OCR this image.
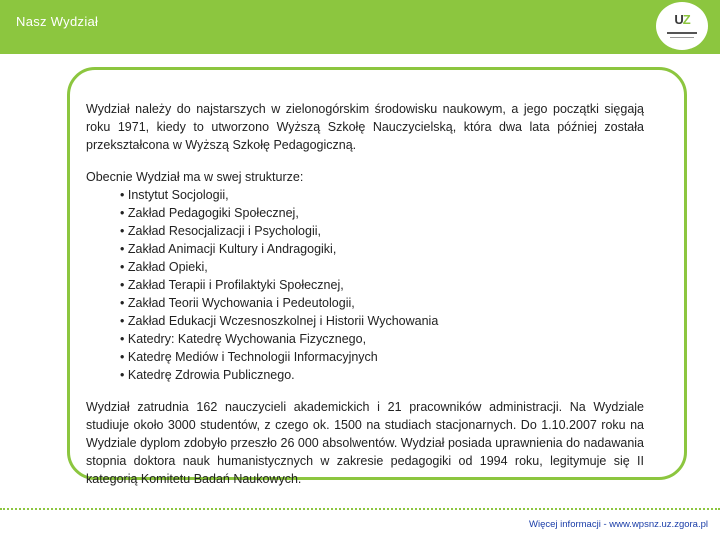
Nasz Wydział	UZ

Wydział należy do najstarszych w zielonogórskim środowisku naukowym, a jego początki sięgają roku 1971, kiedy to utworzono Wyższą Szkołę Nauczycielską, która dwa lata później została przekształcona w Wyższą Szkołę Pedagogiczną.

Obecnie Wydział ma w swej strukturze:

• Instytut Socjologii,
• Zakład Pedagogiki Społecznej,
• Zakład Resocjalizacji i Psychologii,
• Zakład Animacji Kultury i Andragogiki,
• Zakład Opieki,
• Zakład Terapii i Profilaktyki Społecznej,
• Zakład Teorii Wychowania i Pedeutologii,
• Zakład Edukacji Wczesnoszkolnej i Historii Wychowania
• Katedry: Katedrę Wychowania Fizycznego,
• Katedrę Mediów i Technologii Informacyjnych
• Katedrę Zdrowia Publicznego.

Wydział zatrudnia 162 nauczycieli akademickich i 21 pracowników administracji. Na Wydziale studiuje około 3000 studentów, z czego ok. 1500 na studiach stacjonarnych. Do 1.10.2007 roku na Wydziale dyplom zdobyło przeszło 26 000 absolwentów. Wydział posiada uprawnienia do nadawania stopnia doktora nauk humanistycznych w zakresie pedagogiki od 1994 roku, legitymuje się II kategorią Komitetu Badań Naukowych.

Więcej informacji - www.wpsnz.uz.zgora.pl
